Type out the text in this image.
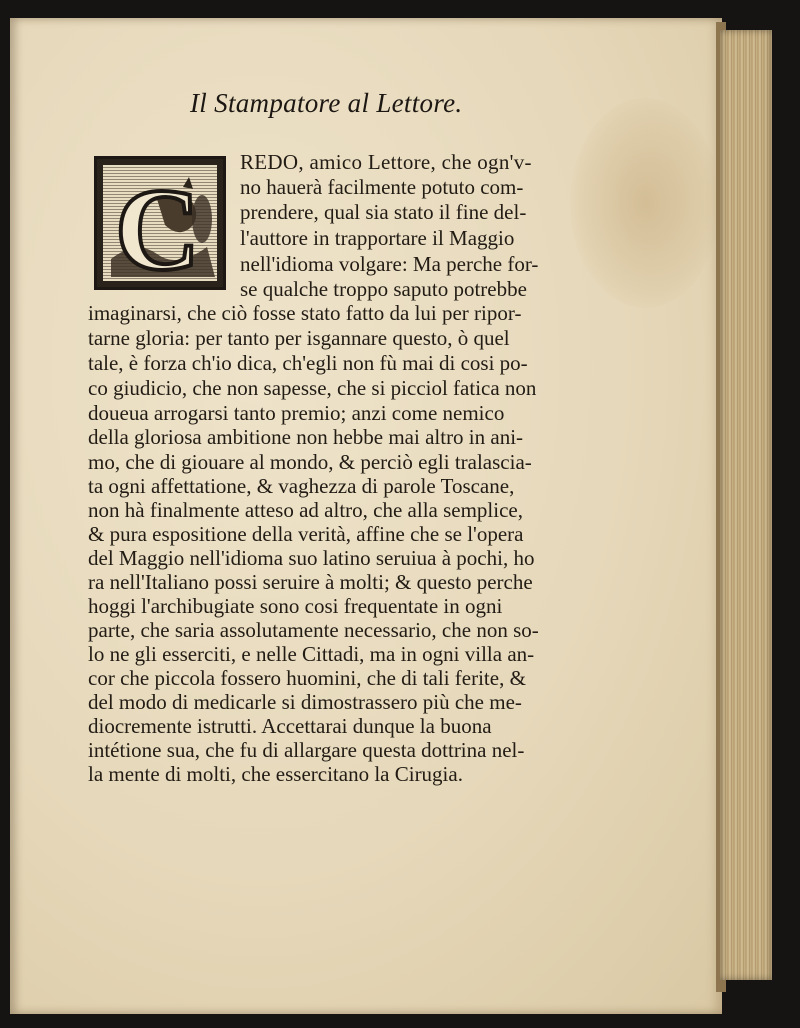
Il Stampatore al Lettore.
C
REDO, amico Lettore, che ogn'v-
no hauerà facilmente potuto com-
prendere, qual sia stato il fine del-
l'auttore in trapportare il Maggio
nell'idioma volgare: Ma perche for-
se qualche troppo saputo potrebbe
imaginarsi, che ciò fosse stato fatto da lui per ripor-
tarne gloria: per tanto per isgannare questo, ò quel
tale, è forza ch'io dica, ch'egli non fù mai di cosi po-
co giudicio, che non sapesse, che si picciol fatica non
doueua arrogarsi tanto premio; anzi come nemico
della gloriosa ambitione non hebbe mai altro in ani-
mo, che di giouare al mondo, & perciò egli tralascia-
ta ogni affettatione, & vaghezza di parole Toscane,
non hà finalmente atteso ad altro, che alla semplice,
& pura espositione della verità, affine che se l'opera
del Maggio nell'idioma suo latino seruiua à pochi, ho
ra nell'Italiano possi seruire à molti; & questo perche
hoggi l'archibugiate sono cosi frequentate in ogni
parte, che saria assolutamente necessario, che non so-
lo ne gli esserciti, e nelle Cittadi, ma in ogni villa an-
cor che piccola fossero huomini, che di tali ferite, &
del modo di medicarle si dimostrassero più che me-
diocremente istrutti. Accettarai dunque la buona
intétione sua, che fu di allargare questa dottrina nel-
la mente di molti, che essercitano la Cirugia.
